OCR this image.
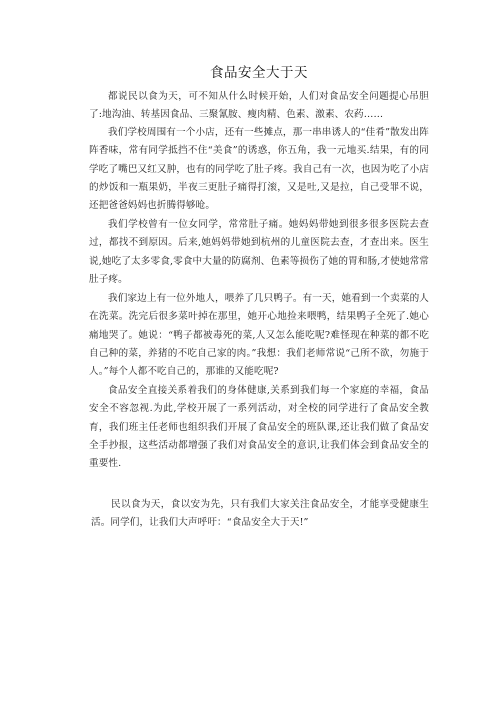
食品安全大于天

都说民以食为天，可不知从什么时候开始，人们对食品安全问题提心吊胆了:地沟油、转基因食品、三聚氰胺、瘦肉精、色素、激素、农药……

我们学校周围有一个小店，还有一些摊点，那一串串诱人的“佳肴”散发出阵阵香味，常有同学抵挡不住“美食”的诱惑，你五角，我一元地买.结果，有的同学吃了嘴巴又红又肿，也有的同学吃了肚子疼。我自己有一次，也因为吃了小店的炒饭和一瓶果奶，半夜三更肚子痛得打滚，又是吐,又是拉，自己受罪不说，还把爸爸妈妈也折腾得够呛。

我们学校曾有一位女同学，常常肚子痛。她妈妈带她到很多很多医院去查过，都找不到原因。后来,她妈妈带她到杭州的儿童医院去查，才查出来。医生说,她吃了太多零食,零食中大量的防腐剂、色素等损伤了她的胃和肠,才使她常常肚子疼。

我们家边上有一位外地人，喂养了几只鸭子。有一天，她看到一个卖菜的人在洗菜。洗完后很多菜叶掉在那里，她开心地捡来喂鸭，结果鸭子全死了.她心痛地哭了。她说：“鸭子都被毒死的菜,人又怎么能吃呢?难怪现在种菜的都不吃自己种的菜，养猪的不吃自己家的肉。”我想：我们老师常说“己所不欲，勿施于人。”每个人都不吃自己的，那谁的又能吃呢?

食品安全直接关系着我们的身体健康,关系到我们每一个家庭的幸福，食品安全不容忽视.为此,学校开展了一系列活动，对全校的同学进行了食品安全教育，我们班主任老师也组织我们开展了食品安全的班队课,还让我们做了食品安全手抄报，这些活动都增强了我们对食品安全的意识,让我们体会到食品安全的重要性.

民以食为天，食以安为先，只有我们大家关注食品安全，才能享受健康生活。同学们，让我们大声呼吁：“食品安全大于天!”
